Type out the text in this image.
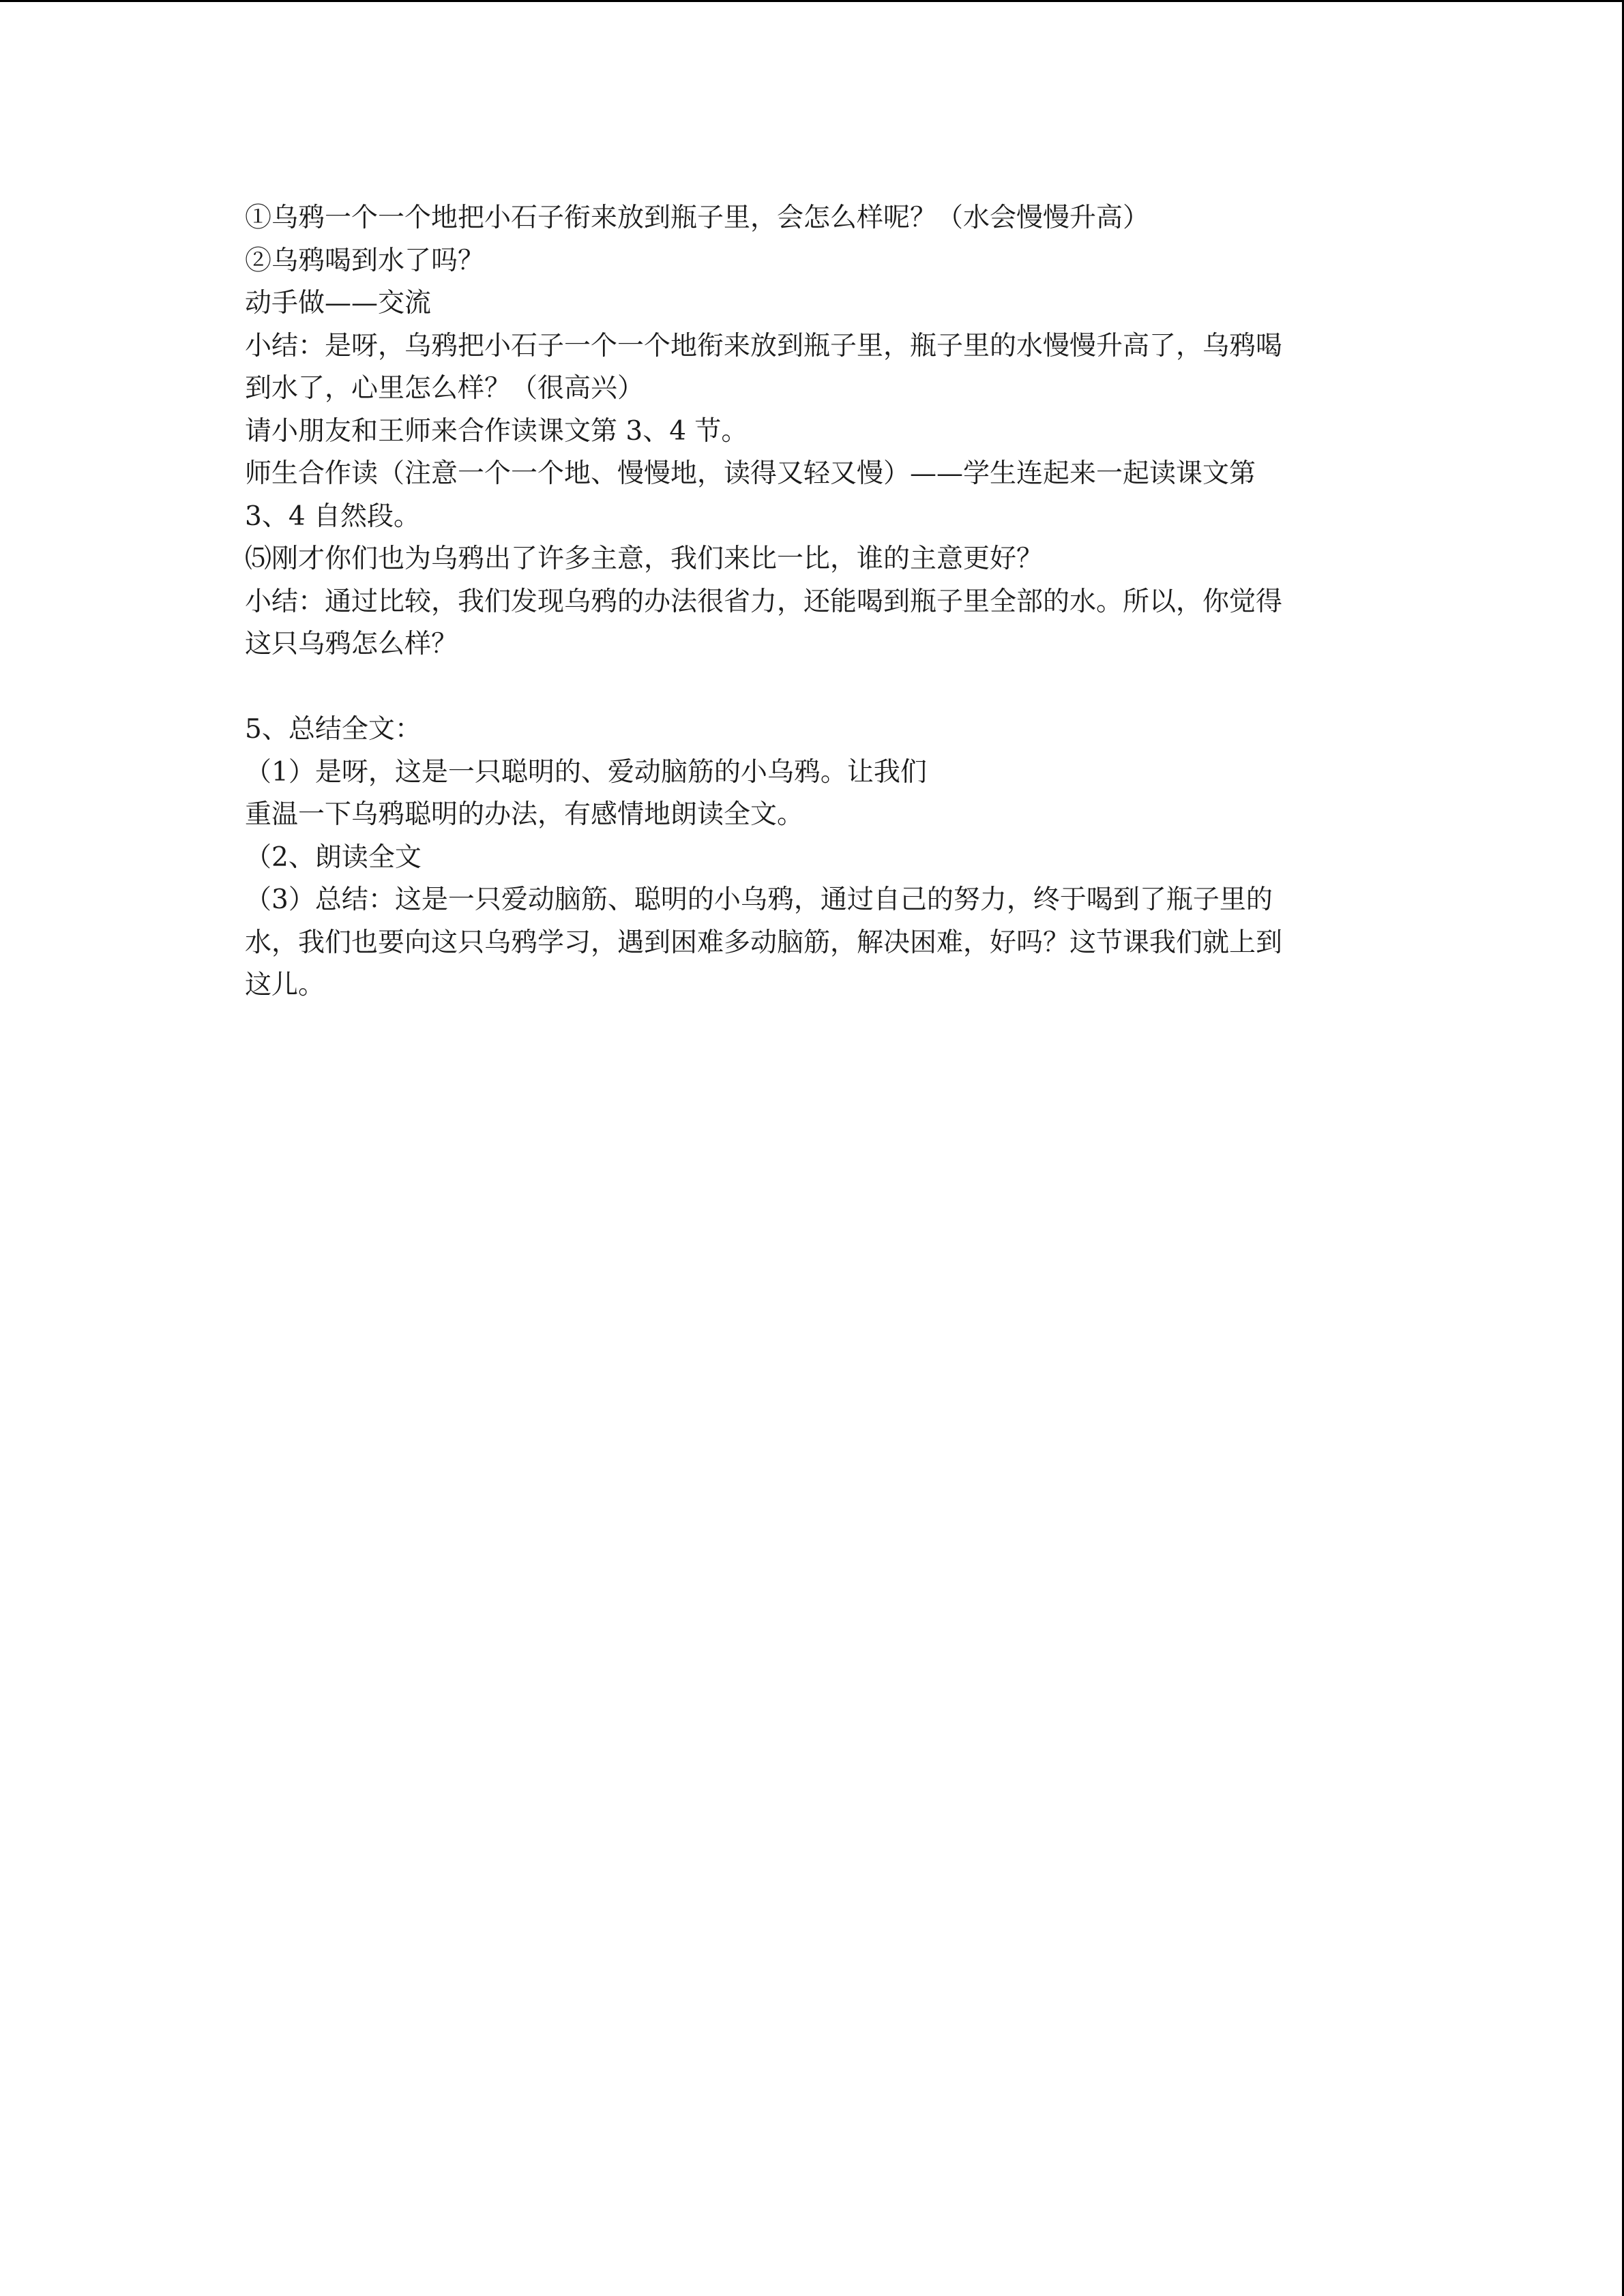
①乌鸦一个一个地把小石子衔来放到瓶子里，会怎么样呢？（水会慢慢升高）
②乌鸦喝到水了吗？
动手做——交流
小结：是呀，乌鸦把小石子一个一个地衔来放到瓶子里，瓶子里的水慢慢升高了，乌鸦喝
到水了，心里怎么样？（很高兴）
请小朋友和王师来合作读课文第 3、4 节。
师生合作读（注意一个一个地、慢慢地，读得又轻又慢）——学生连起来一起读课文第
3、4 自然段。
⑸刚才你们也为乌鸦出了许多主意，我们来比一比，谁的主意更好？
小结：通过比较，我们发现乌鸦的办法很省力，还能喝到瓶子里全部的水。所以，你觉得
这只乌鸦怎么样？
5、总结全文：
（1）是呀，这是一只聪明的、爱动脑筋的小乌鸦。让我们
重温一下乌鸦聪明的办法，有感情地朗读全文。
（2、朗读全文
（3）总结：这是一只爱动脑筋、聪明的小乌鸦，通过自己的努力，终于喝到了瓶子里的
水，我们也要向这只乌鸦学习，遇到困难多动脑筋，解决困难，好吗？这节课我们就上到
这儿。
